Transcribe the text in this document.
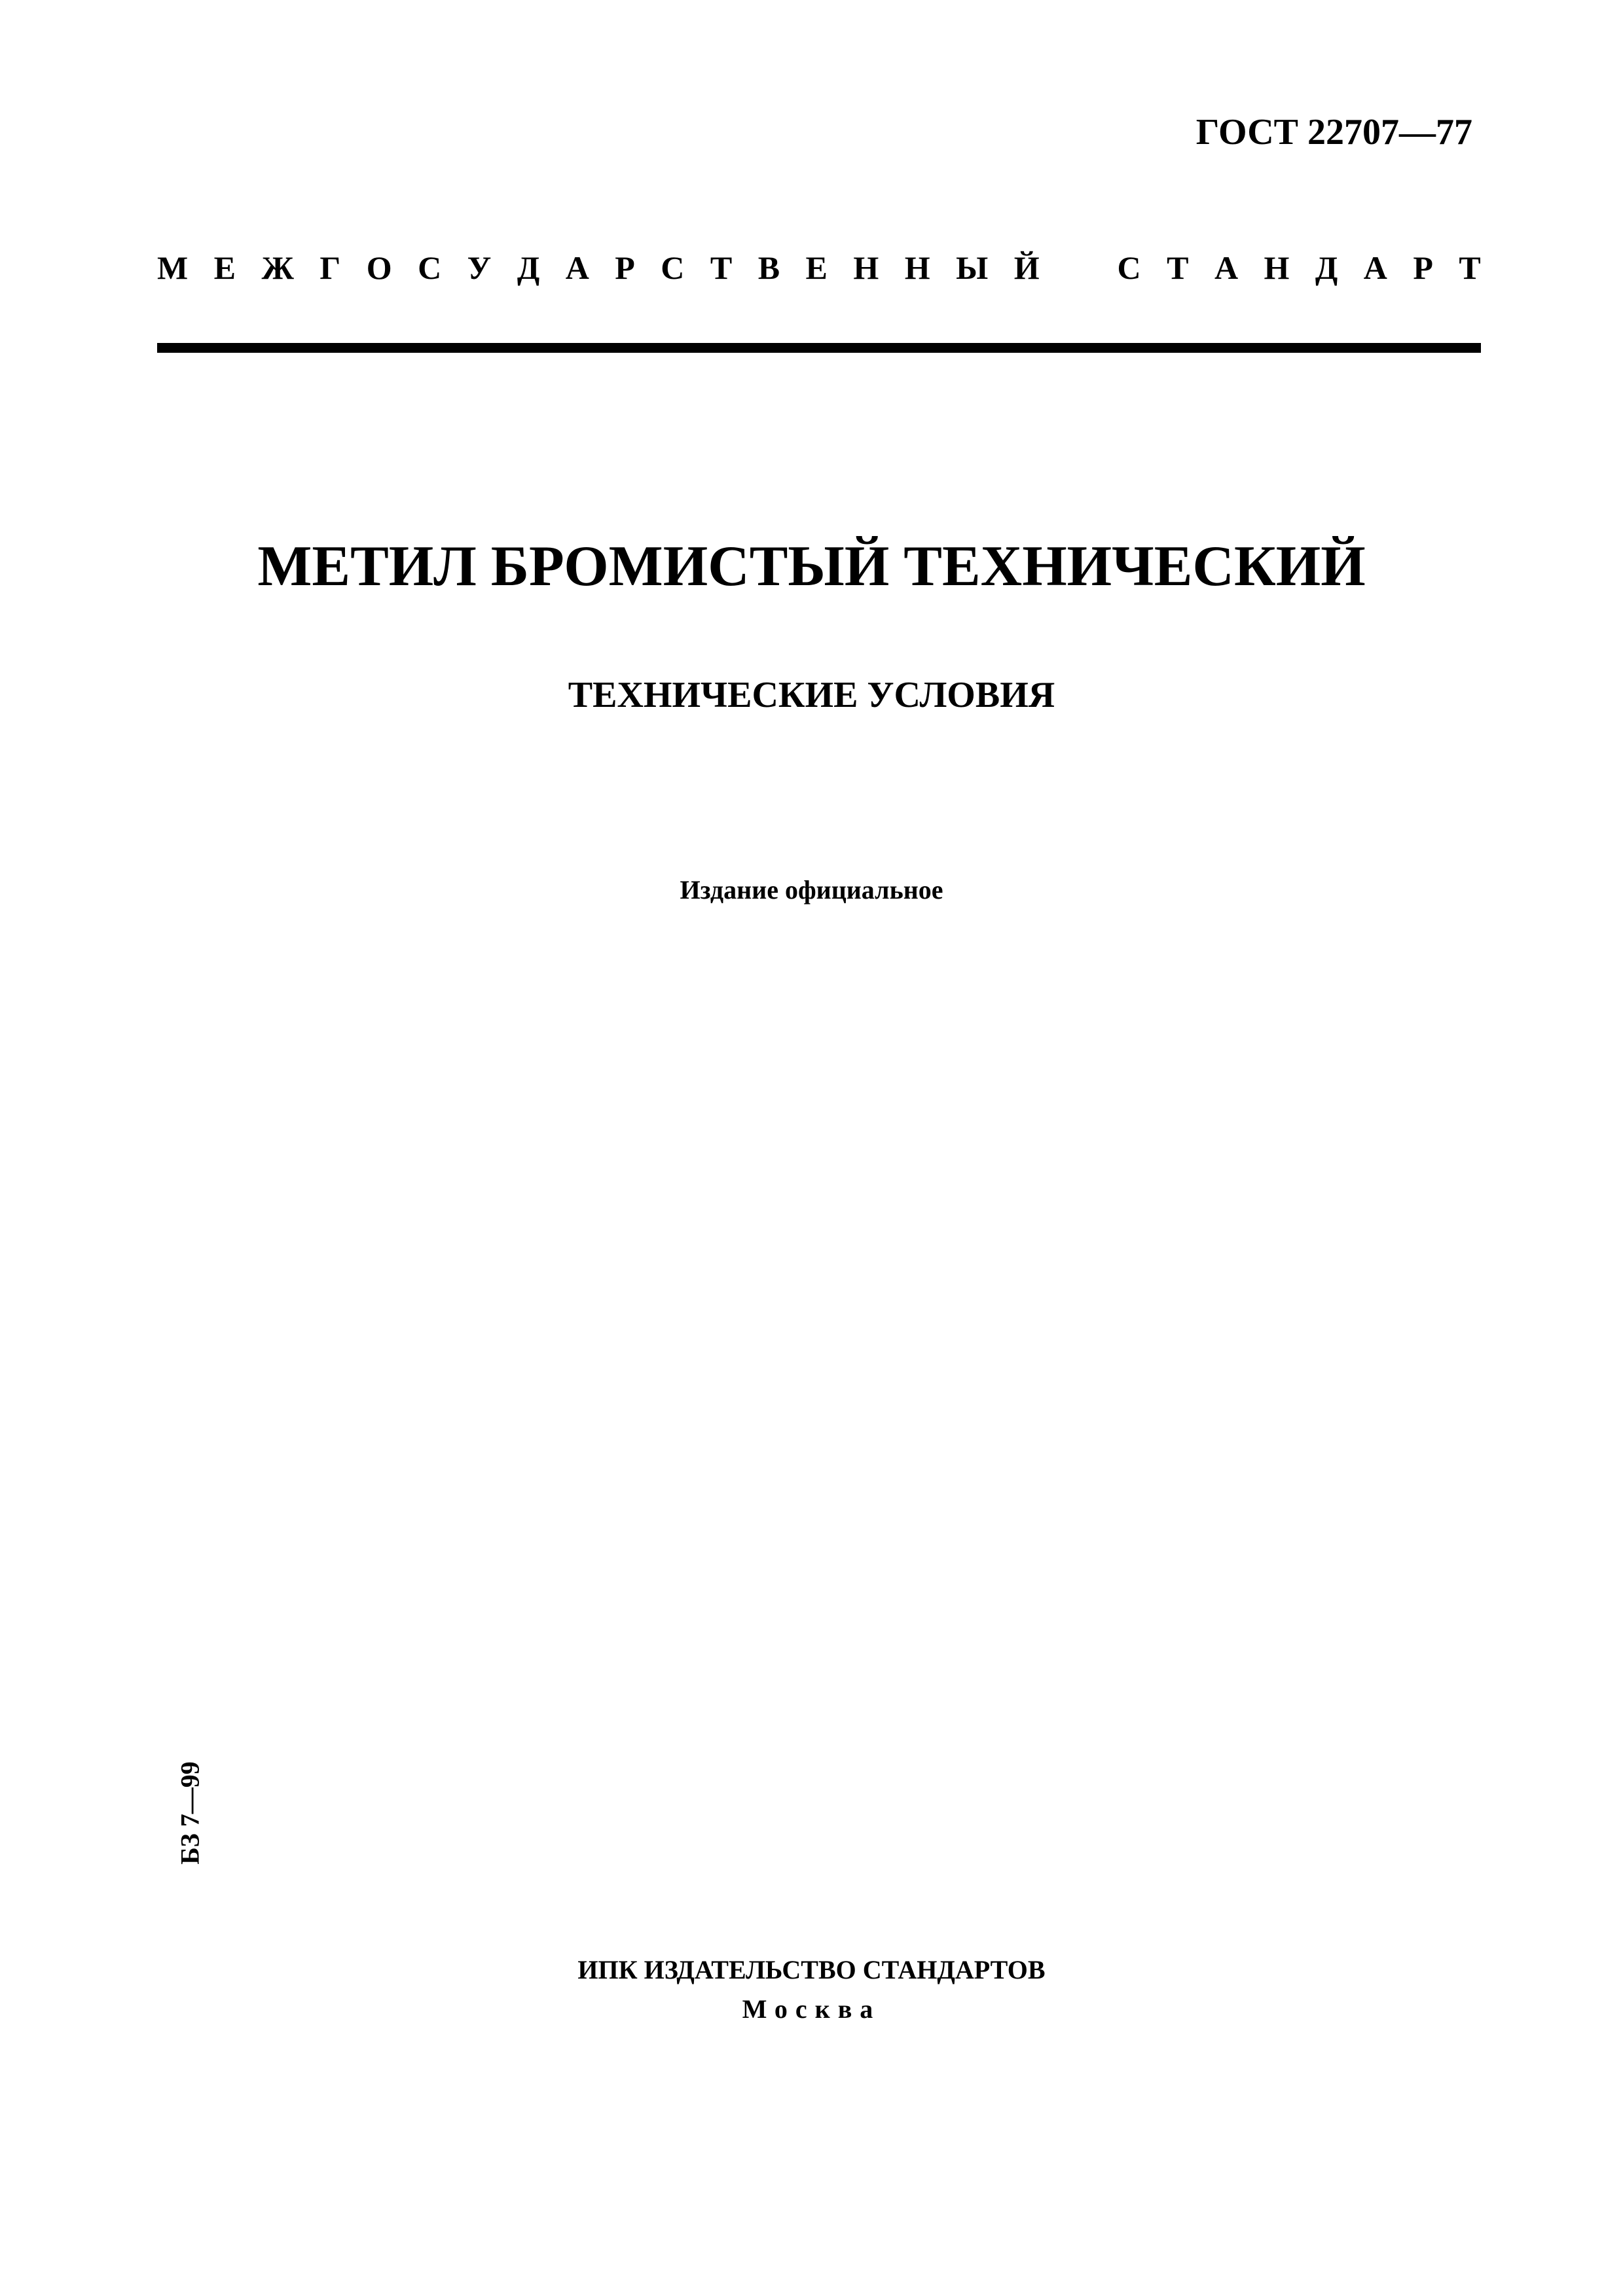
ГОСТ 22707—77
М Е Ж Г О С У Д А Р С Т В Е Н Н Ы Й С Т А Н Д А Р Т
МЕТИЛ БРОМИСТЫЙ ТЕХНИЧЕСКИЙ
ТЕХНИЧЕСКИЕ УСЛОВИЯ
Издание официальное
БЗ 7—99
ИПК ИЗДАТЕЛЬСТВО СТАНДАРТОВ
Москва
